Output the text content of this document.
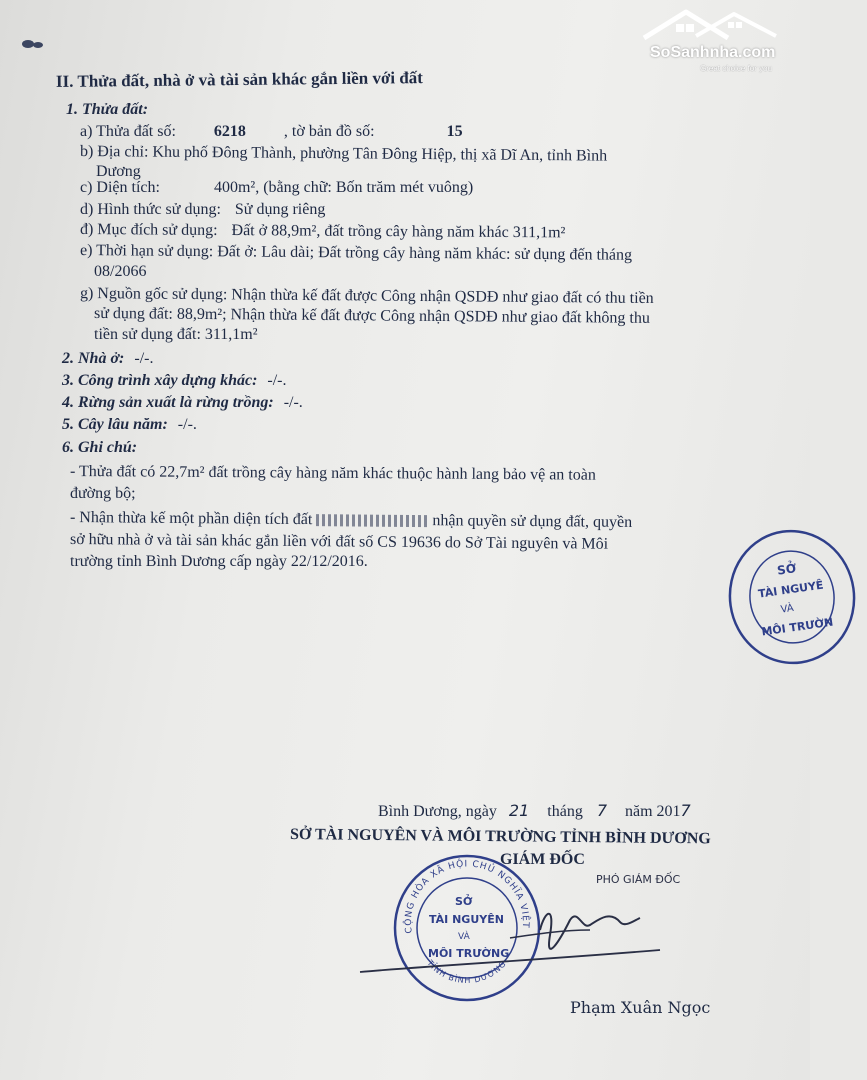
SoSanhnha.com
Great choice for you
II. Thửa đất, nhà ở và tài sản khác gắn liền với đất
1. Thửa đất:
a) Thửa đất số: 6218 , tờ bản đồ số:	15
b) Địa chỉ: Khu phố Đông Thành, phường Tân Đông Hiệp, thị xã Dĩ An, tỉnh Bình
Dương
c) Diện tích:	400m², (bằng chữ: Bốn trăm mét vuông)
d) Hình thức sử dụng: Sử dụng riêng
đ) Mục đích sử dụng: Đất ở 88,9m², đất trồng cây hàng năm khác 311,1m²
e) Thời hạn sử dụng: Đất ở: Lâu dài; Đất trồng cây hàng năm khác: sử dụng đến tháng
08/2066
g) Nguồn gốc sử dụng: Nhận thừa kế đất được Công nhận QSDĐ như giao đất có thu tiền
sử dụng đất: 88,9m²; Nhận thừa kế đất được Công nhận QSDĐ như giao đất không thu
tiền sử dụng đất: 311,1m²
2. Nhà ở: -/-.
3. Công trình xây dựng khác: -/-.
4. Rừng sản xuất là rừng trồng: -/-.
5. Cây lâu năm: -/-.
6. Ghi chú:
- Thửa đất có 22,7m² đất trồng cây hàng năm khác thuộc hành lang bảo vệ an toàn
đường bộ;
- Nhận thừa kế một phần diện tích đất	nhận quyền sử dụng đất, quyền
sở hữu nhà ở và tài sản khác gắn liền với đất số CS 19636 do Sở Tài nguyên và Môi
trường tỉnh Bình Dương cấp ngày 22/12/2016.	SỞ
TÀI NGUYÊ
VÀ
MÔI TRƯỜN
Bình Dương, ngày 21 tháng 7 năm 2017
SỞ TÀI NGUYÊN VÀ MÔI TRƯỜNG TỈNH BÌNH DƯƠNG
GIÁM ĐỐC
PHÓ GIÁM ĐỐC
CỘNG HÒA XÃ HỘI CHỦ NGHĨA VIỆT NAM
SỞ
TÀI NGUYÊN
VÀ
MÔI TRƯỜNG
TỈNH BÌNH DƯƠNG
Phạm Xuân Ngọc
